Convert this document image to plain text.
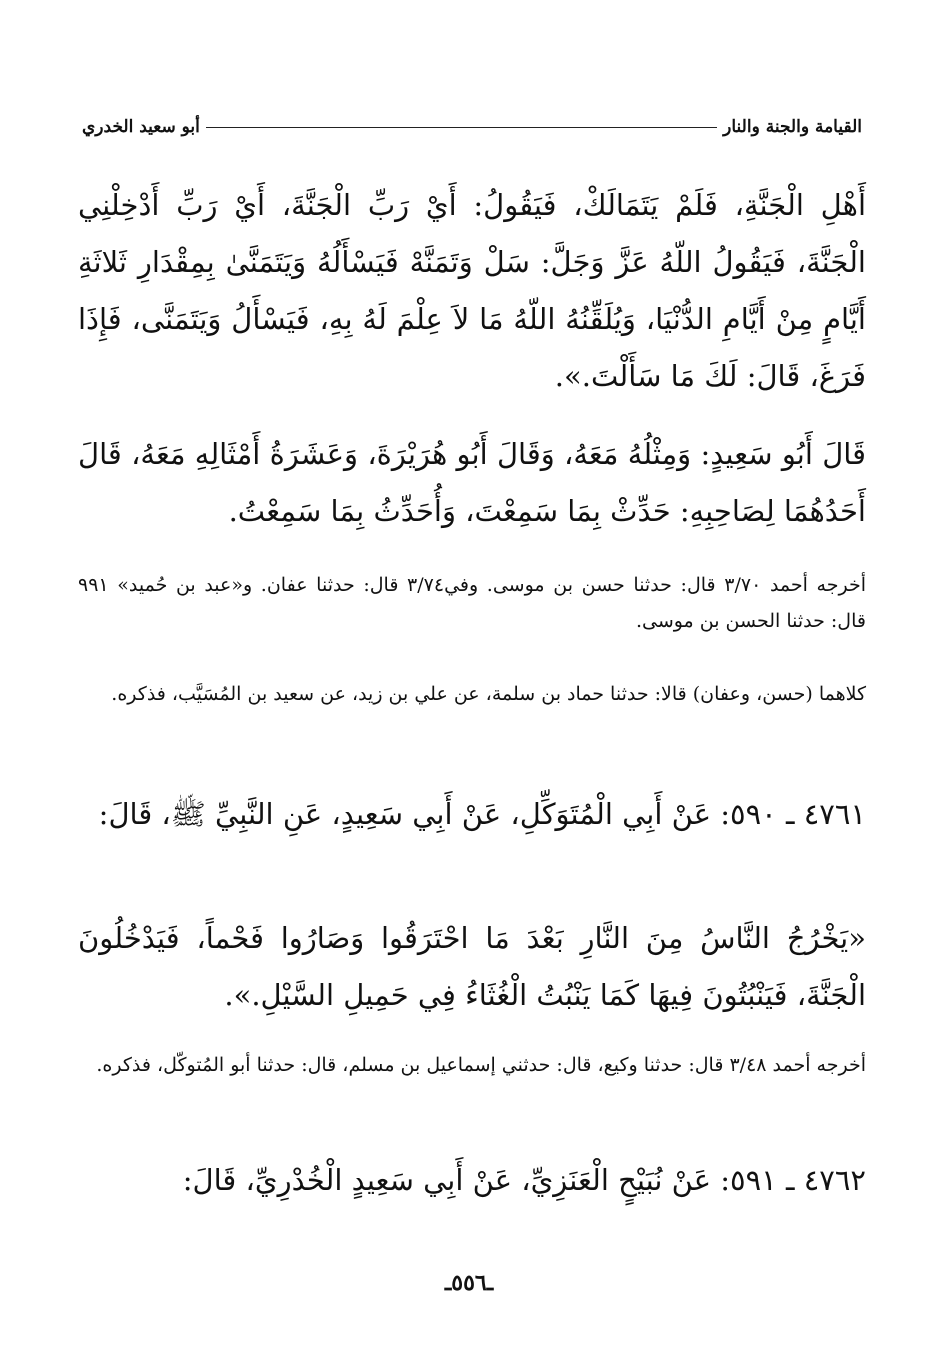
القيامة والجنة والنار
أبو سعيد الخدري
أَهْلِ الْجَنَّةِ، فَلَمْ يَتَمَالَكْ، فَيَقُولُ: أَيْ رَبِّ الْجَنَّةَ، أَيْ رَبِّ أَدْخِلْنِي الْجَنَّةَ، فَيَقُولُ اللّهُ عَزَّ وَجَلَّ: سَلْ وَتَمَنَّهْ فَيَسْأَلُهُ وَيَتَمَنَّىٰ بِمِقْدَارِ ثَلاثَةِ أَيَّامٍ مِنْ أَيَّامِ الدُّنْيَا، وَيُلَقِّنُهُ اللّهُ مَا لاَ عِلْمَ لَهُ بِهِ، فَيَسْأَلُ وَيَتَمَنَّى، فَإِذَا فَرَغَ، قَالَ: لَكَ مَا سَأَلْتَ.».
قَالَ أَبُو سَعِيدٍ: وَمِثْلُهُ مَعَهُ، وَقَالَ أَبُو هُرَيْرَةَ، وَعَشَرَةُ أَمْثَالِهِ مَعَهُ، قَالَ أَحَدُهُمَا لِصَاحِبِهِ: حَدِّثْ بِمَا سَمِعْتَ، وَأُحَدِّثُ بِمَا سَمِعْتُ.
أخرجه أحمد ٣/٧٠ قال: حدثنا حسن بن موسى. وفي٣/٧٤ قال: حدثنا عفان. و«عبد بن حُميد» ٩٩١ قال: حدثنا الحسن بن موسى.
كلاهما (حسن، وعفان) قالا: حدثنا حماد بن سلمة، عن علي بن زيد، عن سعيد بن المُسَيَّب، فذكره.
٤٧٦١ ـ ٥٩٠: عَنْ أَبِي الْمُتَوَكِّلِ، عَنْ أَبِي سَعِيدٍ، عَنِ النَّبِيِّ ﷺ، قَالَ:
«يَخْرُجُ النَّاسُ مِنَ النَّارِ بَعْدَ مَا احْتَرَقُوا وَصَارُوا فَحْماً، فَيَدْخُلُونَ الْجَنَّةَ، فَيَنْبُتُونَ فِيهَا كَمَا يَنْبُتُ الْغُثَاءُ فِي حَمِيلِ السَّيْلِ.».
أخرجه أحمد ٣/٤٨ قال: حدثنا وكيع، قال: حدثني إسماعيل بن مسلم، قال: حدثنا أبو المُتوكّل، فذكره.
٤٧٦٢ ـ ٥٩١: عَنْ نُبَيْحٍ الْعَنَزِيِّ، عَنْ أَبِي سَعِيدٍ الْخُدْرِيِّ، قَالَ:
ـ٥٥٦ـ
